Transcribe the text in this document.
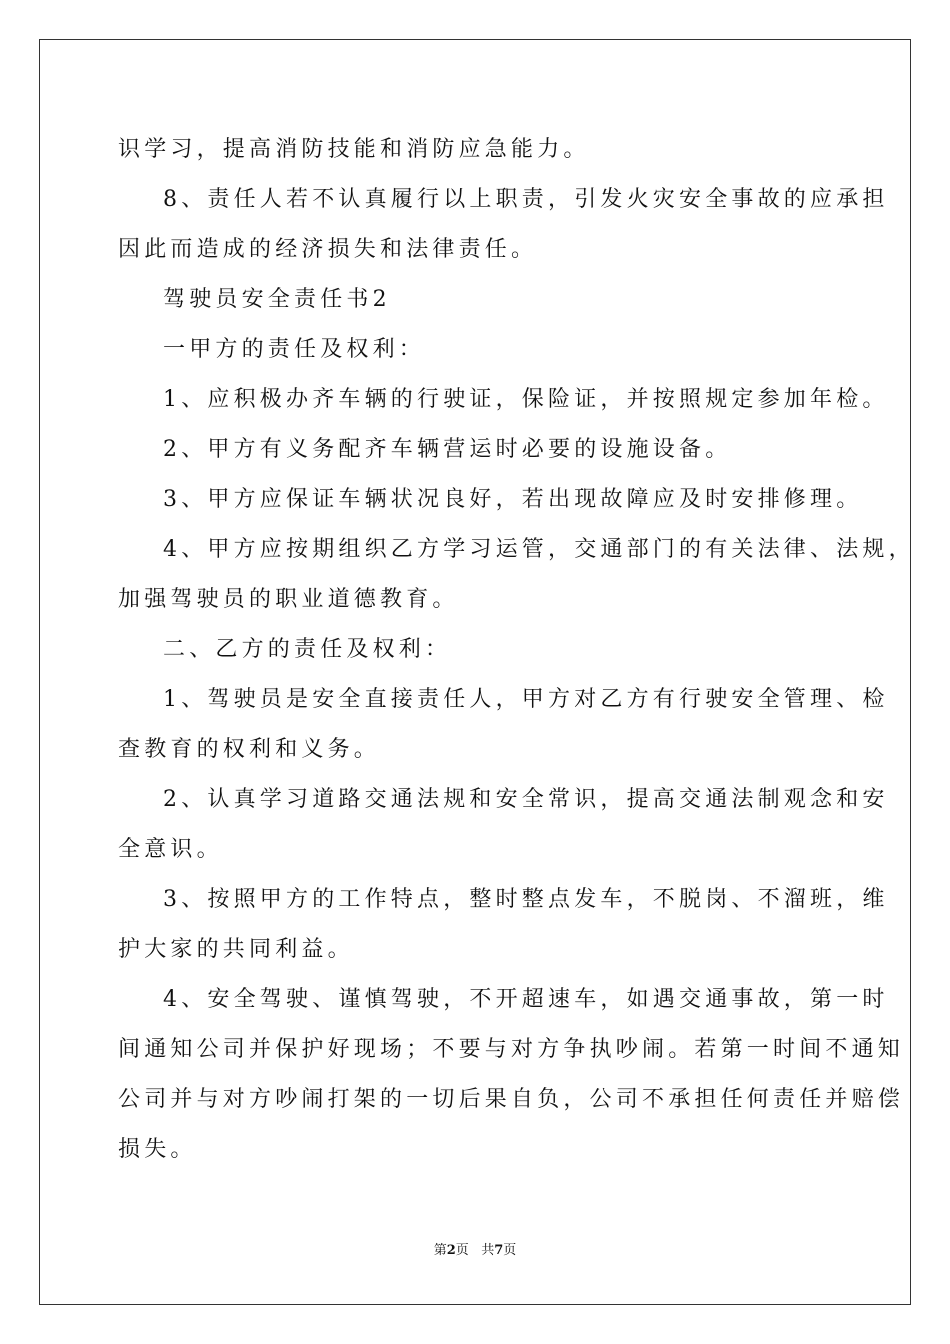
识学习，提高消防技能和消防应急能力。
8、责任人若不认真履行以上职责，引发火灾安全事故的应承担
因此而造成的经济损失和法律责任。
驾驶员安全责任书2
一甲方的责任及权利：
1、应积极办齐车辆的行驶证，保险证，并按照规定参加年检。
2、甲方有义务配齐车辆营运时必要的设施设备。
3、甲方应保证车辆状况良好，若出现故障应及时安排修理。
4、甲方应按期组织乙方学习运管，交通部门的有关法律、法规，
加强驾驶员的职业道德教育。
二、乙方的责任及权利：
1、驾驶员是安全直接责任人，甲方对乙方有行驶安全管理、检
查教育的权利和义务。
2、认真学习道路交通法规和安全常识，提高交通法制观念和安
全意识。
3、按照甲方的工作特点，整时整点发车，不脱岗、不溜班，维
护大家的共同利益。
4、安全驾驶、谨慎驾驶，不开超速车，如遇交通事故，第一时
间通知公司并保护好现场；不要与对方争执吵闹。若第一时间不通知
公司并与对方吵闹打架的一切后果自负，公司不承担任何责任并赔偿
损失。
第2页 共7页
